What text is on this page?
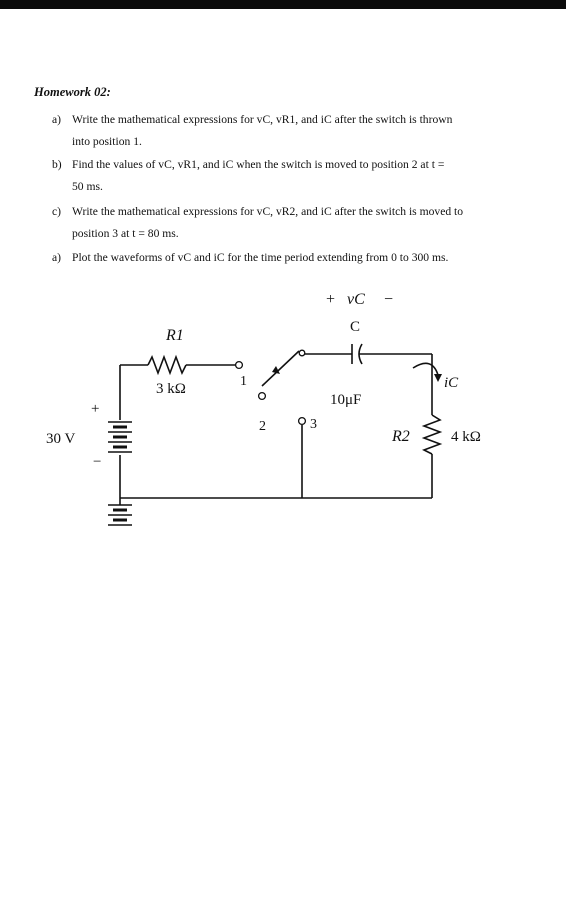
Homework 02:
a) Write the mathematical expressions for vC, vR1, and iC after the switch is thrown
into position 1.
b) Find the values of vC, vR1, and iC when the switch is moved to position 2 at t =
50 ms.
c) Write the mathematical expressions for vC, vR2, and iC after the switch is moved to
position 3 at t = 80 ms.
a) Plot the waveforms of vC and iC for the time period extending from 0 to 300 ms.
+ vC −
C
10μF
R1
3 kΩ
R2	4 kΩ
30 V
+
−
iC
1
2	3
